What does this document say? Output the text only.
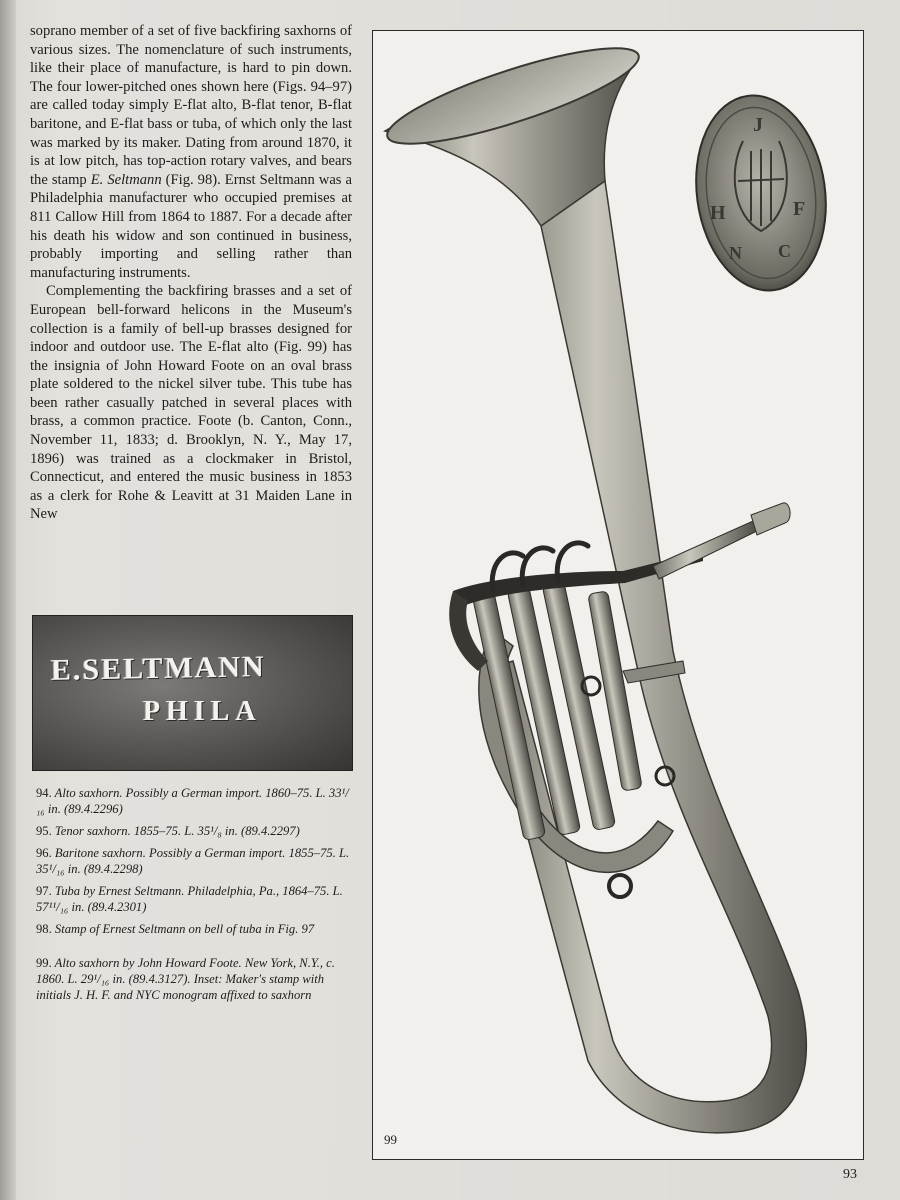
soprano member of a set of five backfiring saxhorns of various sizes. The nomenclature of such instruments, like their place of manufacture, is hard to pin down. The four lower-pitched ones shown here (Figs. 94–97) are called today simply E-flat alto, B-flat tenor, B-flat baritone, and E-flat bass or tuba, of which only the last was marked by its maker. Dating from around 1870, it is at low pitch, has top-action rotary valves, and bears the stamp E. Seltmann (Fig. 98). Ernst Seltmann was a Philadelphia manufacturer who occupied premises at 811 Callow Hill from 1864 to 1887. For a decade after his death his widow and son continued in business, probably importing and selling rather than manufacturing instruments.

Complementing the backfiring brasses and a set of European bell-forward helicons in the Museum's collection is a family of bell-up brasses designed for indoor and outdoor use. The E-flat alto (Fig. 99) has the insignia of John Howard Foote on an oval brass plate soldered to the nickel silver tube. This tube has been rather casually patched in several places with brass, a common practice. Foote (b. Canton, Conn., November 11, 1833; d. Brooklyn, N. Y., May 17, 1896) was trained as a clockmaker in Bristol, Connecticut, and entered the music business in 1853 as a clerk for Rohe & Leavitt at 31 Maiden Lane in New

E.SELTMANN
PHILA

94. Alto saxhorn. Possibly a German import. 1860–75. L. 33¹/₁₆ in. (89.4.2296)

95. Tenor saxhorn. 1855–75. L. 35¹/₈ in. (89.4.2297)

96. Baritone saxhorn. Possibly a German import. 1855–75. L. 35¹/₁₆ in. (89.4.2298)

97. Tuba by Ernest Seltmann. Philadelphia, Pa., 1864–75. L. 57¹¹/₁₆ in. (89.4.2301)

98. Stamp of Ernest Seltmann on bell of tuba in Fig. 97

99. Alto saxhorn by John Howard Foote. New York, N.Y., c. 1860. L. 29¹/₁₆ in. (89.4.3127). Inset: Maker's stamp with initials J. H. F. and NYC monogram affixed to saxhorn

J
H	F
N C
99
93
